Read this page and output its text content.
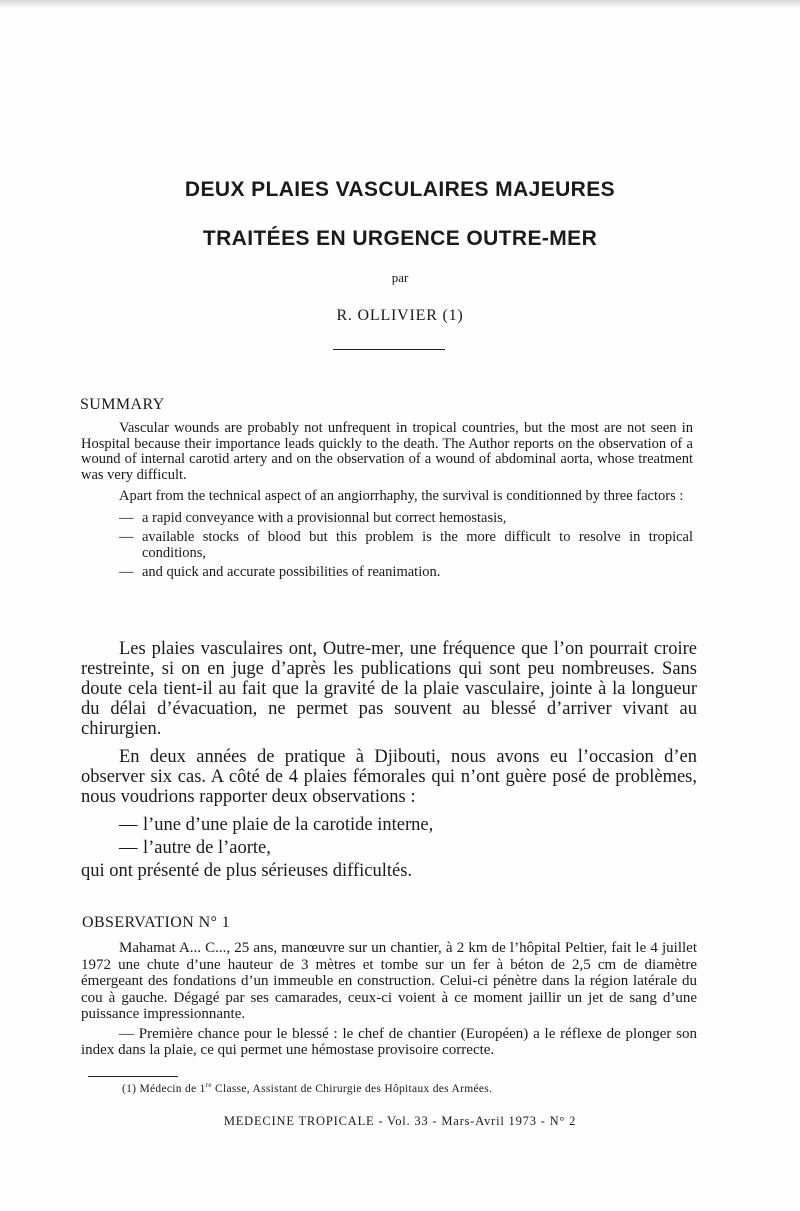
DEUX PLAIES VASCULAIRES MAJEURES
TRAITÉES EN URGENCE OUTRE-MER
par
R. OLLIVIER (1)
SUMMARY

Vascular wounds are probably not unfrequent in tropical countries, but the most are not seen in Hospital because their importance leads quickly to the death. The Author reports on the observation of a wound of internal carotid artery and on the observation of a wound of abdominal aorta, whose treatment was very difficult.

Apart from the technical aspect of an angiorrhaphy, the survival is conditionned by three factors :

— a rapid conveyance with a provisionnal but correct hemostasis,
— available stocks of blood but this problem is the more difficult to resolve in tropical conditions,
— and quick and accurate possibilities of reanimation.

Les plaies vasculaires ont, Outre-mer, une fréquence que l’on pourrait croire restreinte, si on en juge d’après les publications qui sont peu nombreuses. Sans doute cela tient-il au fait que la gravité de la plaie vasculaire, jointe à la longueur du délai d’évacuation, ne permet pas souvent au blessé d’arriver vivant au chirurgien.

En deux années de pratique à Djibouti, nous avons eu l’occasion d’en observer six cas. A côté de 4 plaies fémorales qui n’ont guère posé de problèmes, nous voudrions rapporter deux observations :

— l’une d’une plaie de la carotide interne,
— l’autre de l’aorte,

qui ont présenté de plus sérieuses difficultés.

OBSERVATION N° 1

Mahamat A... C..., 25 ans, manœuvre sur un chantier, à 2 km de l’hôpital Peltier, fait le 4 juillet 1972 une chute d’une hauteur de 3 mètres et tombe sur un fer à béton de 2,5 cm de diamètre émergeant des fondations d’un immeuble en construction. Celui-ci pénètre dans la région latérale du cou à gauche. Dégagé par ses camarades, ceux-ci voient à ce moment jaillir un jet de sang d’une puissance impressionnante.

— Première chance pour le blessé : le chef de chantier (Européen) a le réflexe de plonger son index dans la plaie, ce qui permet une hémostase provisoire correcte.

(1) Médecin de 1re Classe, Assistant de Chirurgie des Hôpitaux des Armées.
MEDECINE TROPICALE - Vol. 33 - Mars-Avril 1973 - N° 2
